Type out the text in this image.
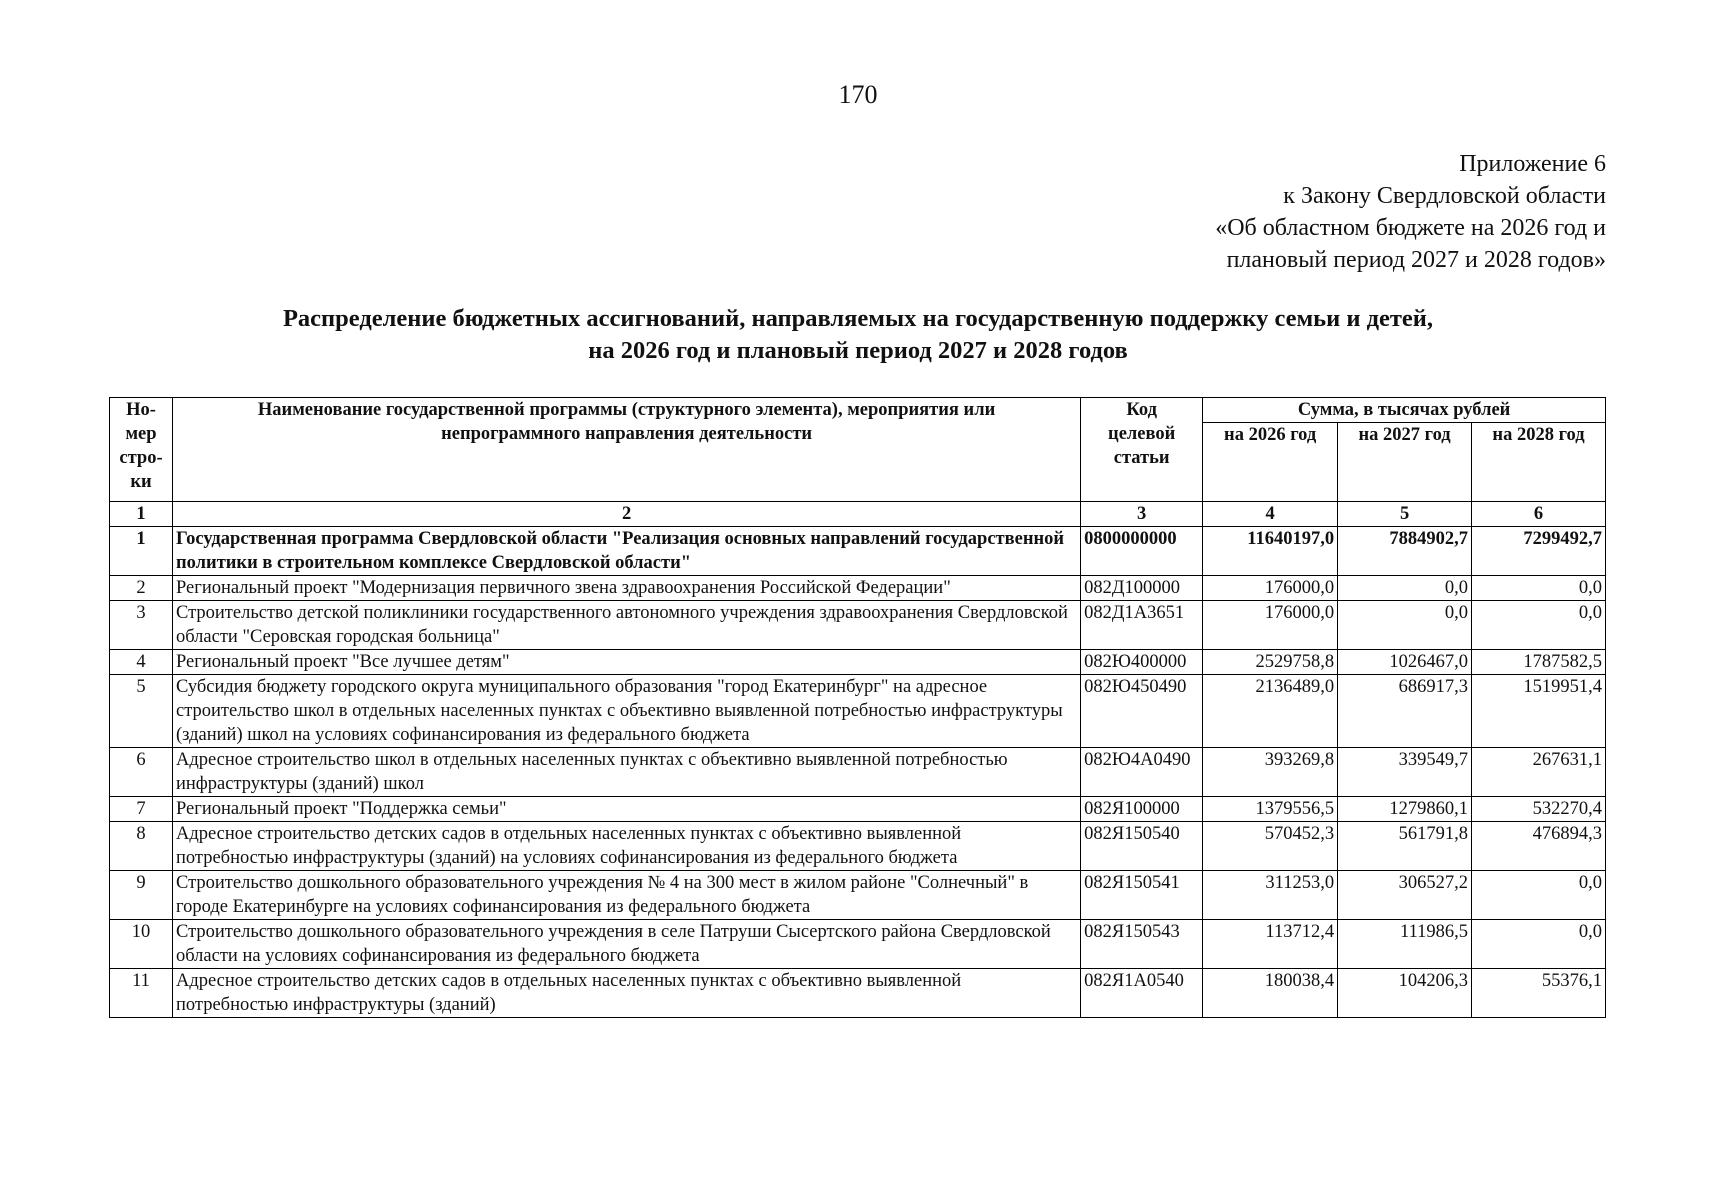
170
Приложение 6
к Закону Свердловской области
«Об областном бюджете на 2026 год и
плановый период 2027 и 2028 годов»
Распределение бюджетных ассигнований, направляемых на государственную поддержку семьи и детей,
на 2026 год и плановый период 2027 и 2028 годов
Но-мер стро-ки	Наименование государственной программы (структурного элемента), мероприятия или непрограммного направления деятельности	Код целевой статьи	Сумма, в тысячах рублей		
			на 2026 год	на 2027 год	на 2028 год
1	2	3	4	5	6
1	Государственная программа Свердловской области "Реализация основных направлений государственной политики в строительном комплексе Свердловской области"	0800000000	11640197,0	7884902,7	7299492,7
2	Региональный проект "Модернизация первичного звена здравоохранения Российской Федерации"	082Д100000	176000,0	0,0	0,0
3	Строительство детской поликлиники государственного автономного учреждения здравоохранения Свердловской области "Серовская городская больница"	082Д1А3651	176000,0	0,0	0,0
4	Региональный проект "Все лучшее детям"	082Ю400000	2529758,8	1026467,0	1787582,5
5	Субсидия бюджету городского округа муниципального образования "город Екатеринбург" на адресное строительство школ в отдельных населенных пунктах с объективно выявленной потребностью инфраструктуры (зданий) школ на условиях софинансирования из федерального бюджета	082Ю450490	2136489,0	686917,3	1519951,4
6	Адресное строительство школ в отдельных населенных пунктах с объективно выявленной потребностью инфраструктуры (зданий) школ	082Ю4А0490	393269,8	339549,7	267631,1
7	Региональный проект "Поддержка семьи"	082Я100000	1379556,5	1279860,1	532270,4
8	Адресное строительство детских садов в отдельных населенных пунктах с объективно выявленной потребностью инфраструктуры (зданий) на условиях софинансирования из федерального бюджета	082Я150540	570452,3	561791,8	476894,3
9	Строительство дошкольного образовательного учреждения № 4 на 300 мест в жилом районе "Солнечный" в городе Екатеринбурге на условиях софинансирования из федерального бюджета	082Я150541	311253,0	306527,2	0,0
10	Строительство дошкольного образовательного учреждения в селе Патруши Сысертского района Свердловской области на условиях софинансирования из федерального бюджета	082Я150543	113712,4	111986,5	0,0
11	Адресное строительство детских садов в отдельных населенных пунктах с объективно выявленной потребностью инфраструктуры (зданий)	082Я1А0540	180038,4	104206,3	55376,1
